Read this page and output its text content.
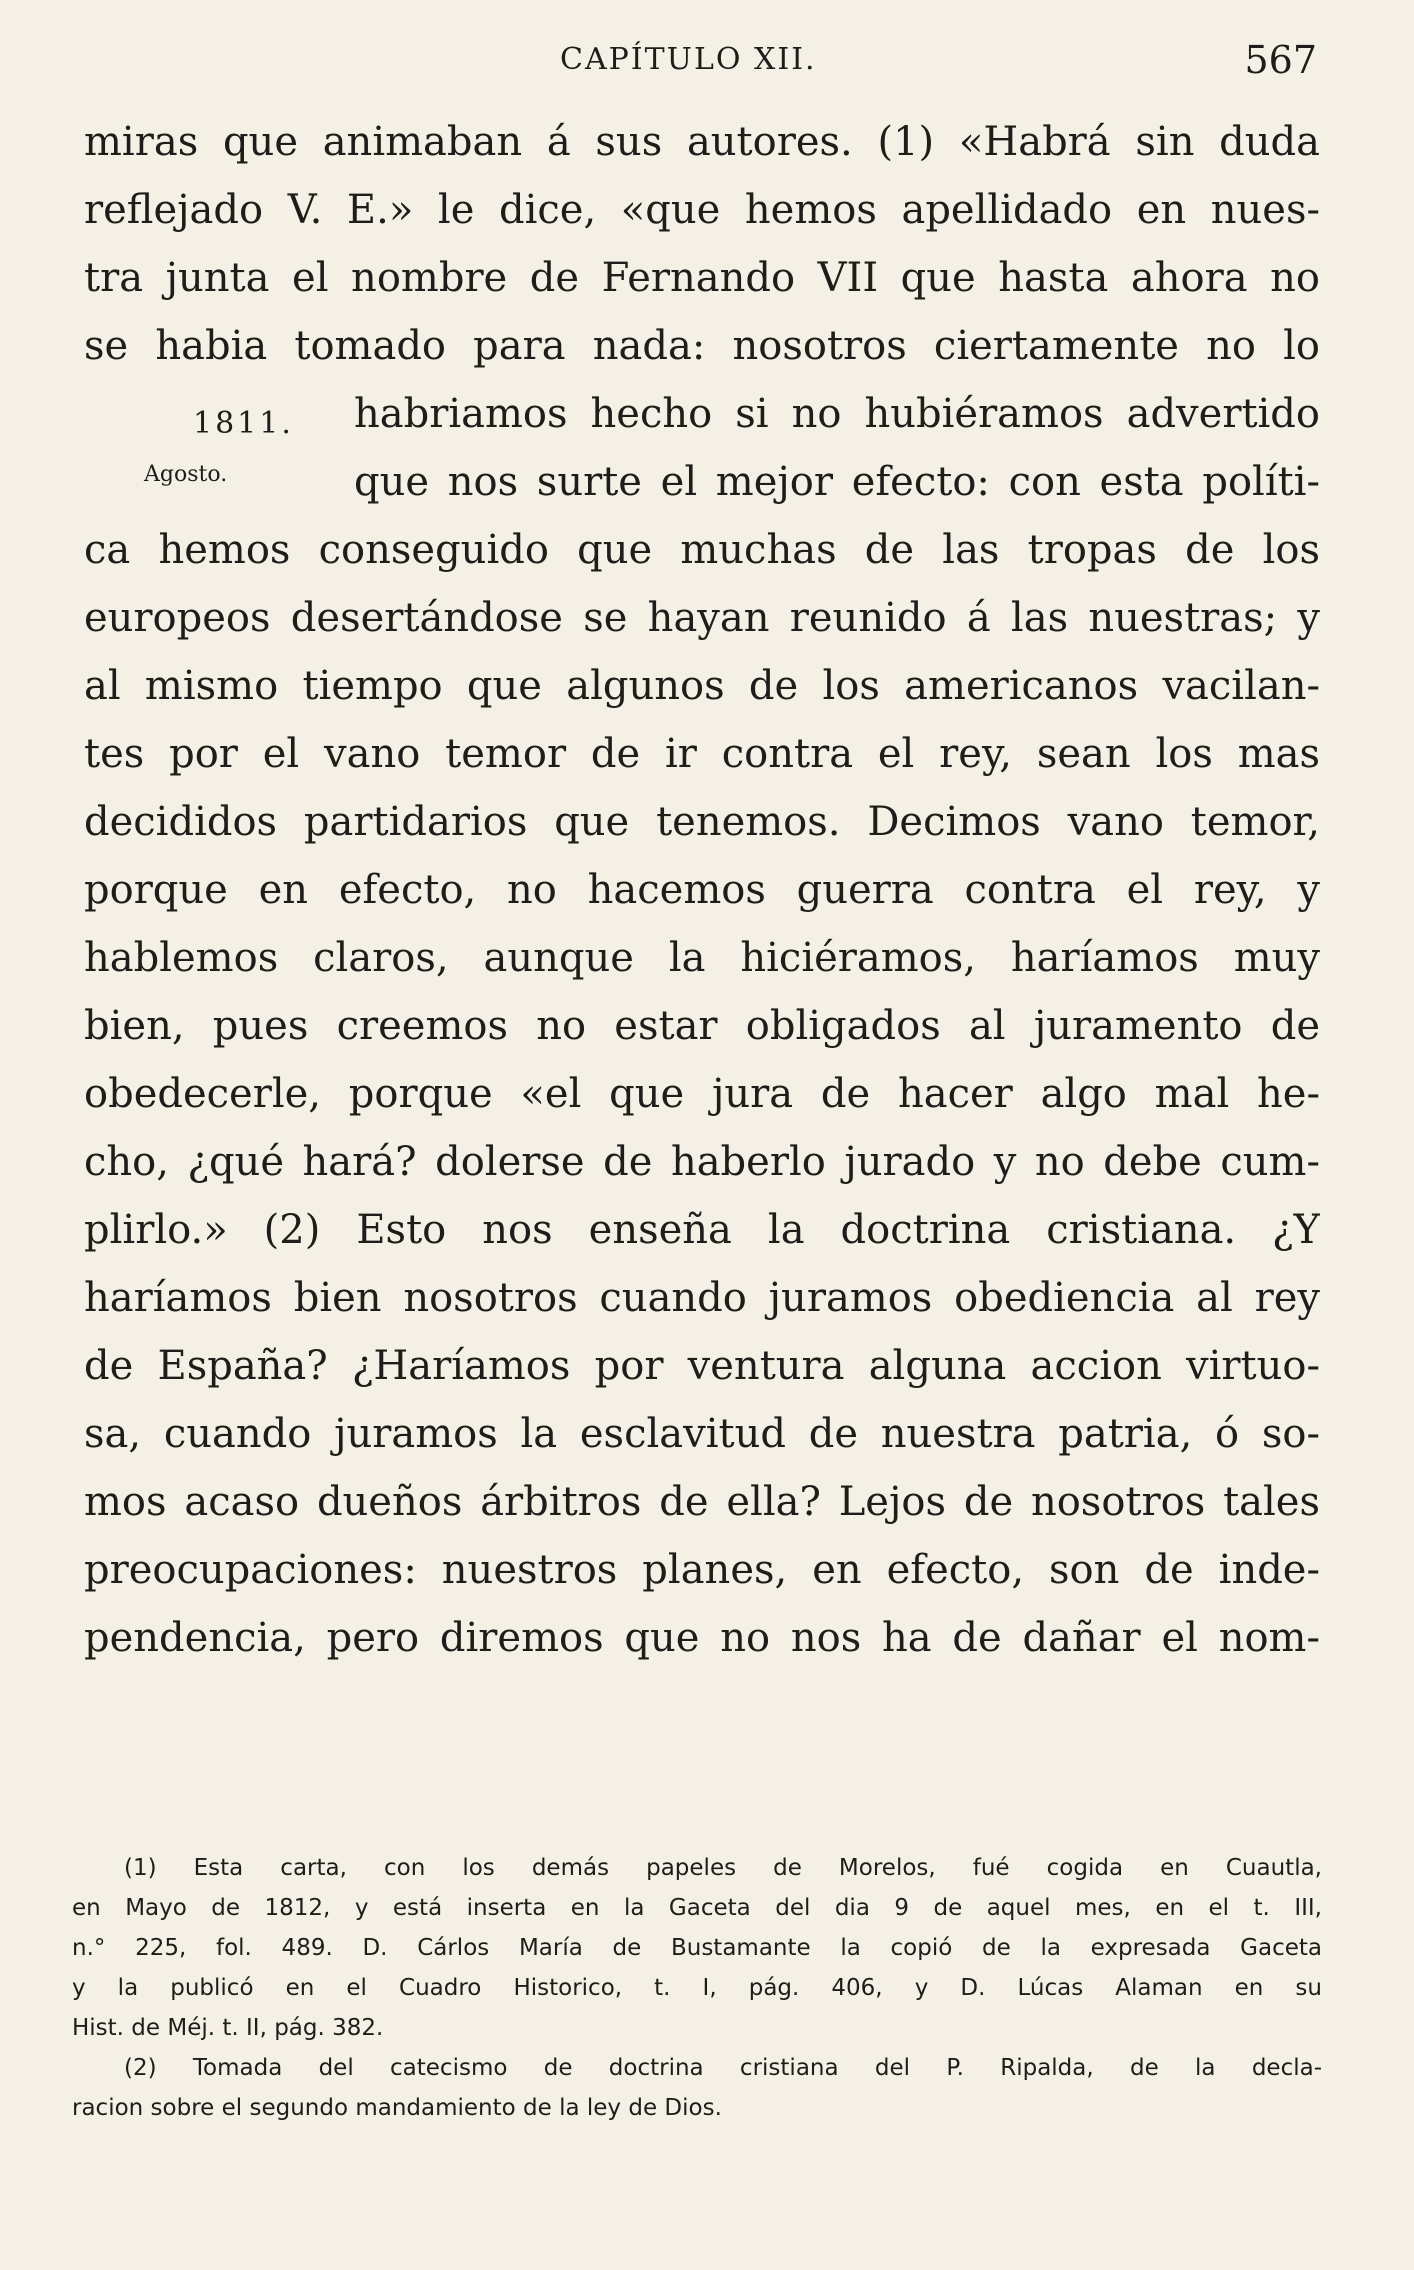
CAPÍTULO XII.	567
1811.
Agosto.
miras que animaban á sus autores. (1) «Habrá sin duda
reflejado V. E.» le dice, «que hemos apellidado en nues-
tra junta el nombre de Fernando VII que hasta ahora no
se habia tomado para nada: nosotros ciertamente no lo
habriamos hecho si no hubiéramos advertido
que nos surte el mejor efecto: con esta políti-
ca hemos conseguido que muchas de las tropas de los
europeos desertándose se hayan reunido á las nuestras; y
al mismo tiempo que algunos de los americanos vacilan-
tes por el vano temor de ir contra el rey, sean los mas
decididos partidarios que tenemos. Decimos vano temor,
porque en efecto, no hacemos guerra contra el rey, y
hablemos claros, aunque la hiciéramos, haríamos muy
bien, pues creemos no estar obligados al juramento de
obedecerle, porque «el que jura de hacer algo mal he-
cho, ¿qué hará? dolerse de haberlo jurado y no debe cum-
plirlo.» (2) Esto nos enseña la doctrina cristiana. ¿Y
haríamos bien nosotros cuando juramos obediencia al rey
de España? ¿Haríamos por ventura alguna accion virtuo-
sa, cuando juramos la esclavitud de nuestra patria, ó so-
mos acaso dueños árbitros de ella? Lejos de nosotros tales
preocupaciones: nuestros planes, en efecto, son de inde-
pendencia, pero diremos que no nos ha de dañar el nom-
(1) Esta carta, con los demás papeles de Morelos, fué cogida en Cuautla,
en Mayo de 1812, y está inserta en la Gaceta del dia 9 de aquel mes, en el t. III,
n.° 225, fol. 489. D. Cárlos María de Bustamante la copió de la expresada Gaceta
y la publicó en el Cuadro Historico, t. I, pág. 406, y D. Lúcas Alaman en su
Hist. de Méj. t. II, pág. 382.
(2) Tomada del catecismo de doctrina cristiana del P. Ripalda, de la decla-
racion sobre el segundo mandamiento de la ley de Dios.
